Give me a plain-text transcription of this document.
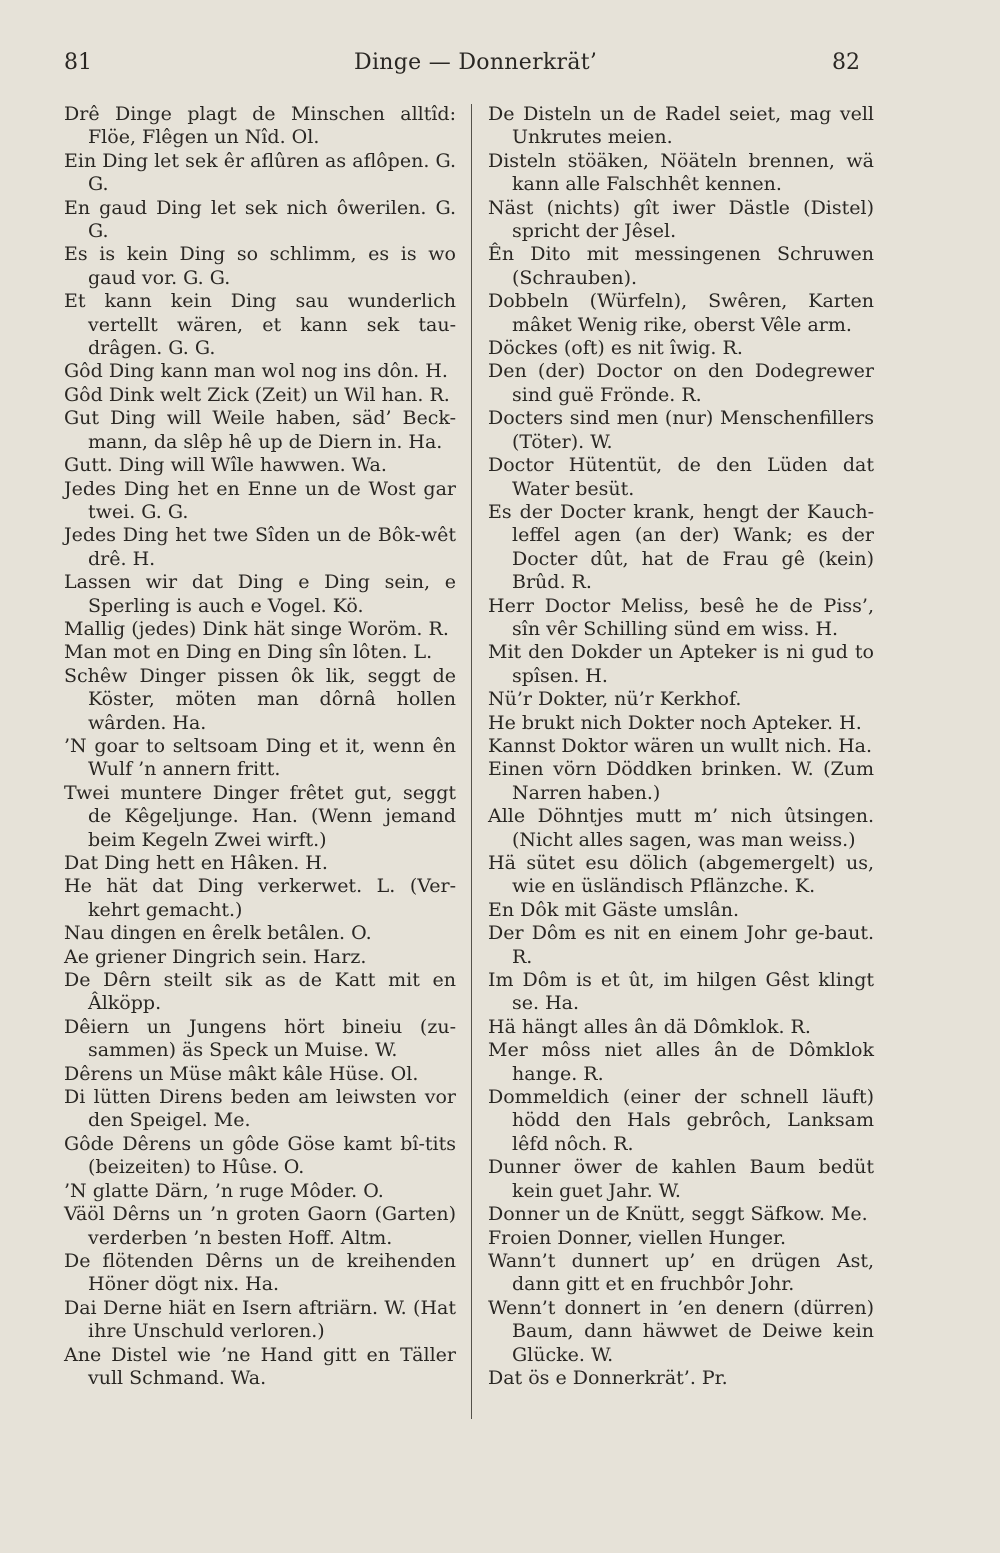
81	Dinge — Donnerkrät’	82
Drê Dinge plagt de Minschen alltîd: Flöe, Flêgen un Nîd. Ol.
Ein Ding let sek êr aflûren as aflôpen. G. G.
En gaud Ding let sek nich ôwerilen. G. G.
Es is kein Ding so schlimm, es is wo gaud vor. G. G.
Et kann kein Ding sau wunderlich vertellt wären, et kann sek tau-drâgen. G. G.
Gôd Ding kann man wol nog ins dôn. H.
Gôd Dink welt Zick (Zeit) un Wil han. R.
Gut Ding will Weile haben, säd’ Beck-mann, da slêp hê up de Diern in. Ha.
Gutt. Ding will Wîle hawwen. Wa.
Jedes Ding het en Enne un de Wost gar twei. G. G.
Jedes Ding het twe Sîden un de Bôk-wêt drê. H.
Lassen wir dat Ding e Ding sein, e Sperling is auch e Vogel. Kö.
Mallig (jedes) Dink hät singe Woröm. R.
Man mot en Ding en Ding sîn lôten. L.
Schêw Dinger pissen ôk lik, seggt de Köster, möten man dôrnâ hollen wârden. Ha.
’N goar to seltsoam Ding et it, wenn ên Wulf ’n annern fritt.
Twei muntere Dinger frêtet gut, seggt de Kêgeljunge. Han. (Wenn jemand beim Kegeln Zwei wirft.)
Dat Ding hett en Hâken. H.
He hät dat Ding verkerwet. L. (Ver-kehrt gemacht.)
Nau dingen en êrelk betâlen. O.
Ae griener Dingrich sein. Harz.
De Dêrn steilt sik as de Katt mit en Âlköpp.
Dêiern un Jungens hört bineiu (zu-sammen) äs Speck un Muise. W.
Dêrens un Müse mâkt kâle Hüse. Ol.
Di lütten Direns beden am leiwsten vor den Speigel. Me.
Gôde Dêrens un gôde Göse kamt bî-tits (beizeiten) to Hûse. O.
’N glatte Därn, ’n ruge Môder. O.
Väöl Dêrns un ’n groten Gaorn (Garten) verderben ’n besten Hoff. Altm.
De flötenden Dêrns un de kreihenden Höner dögt nix. Ha.
Dai Derne hiät en Isern aftriärn. W. (Hat ihre Unschuld verloren.)
Ane Distel wie ’ne Hand gitt en Täller vull Schmand. Wa.
De Disteln un de Radel seiet, mag vell Unkrutes meien.
Disteln stöäken, Nöäteln brennen, wä kann alle Falschhêt kennen.
Näst (nichts) gît iwer Dästle (Distel) spricht der Jêsel.
Ên Dito mit messingenen Schruwen (Schrauben).
Dobbeln (Würfeln), Swêren, Karten mâket Wenig rike, oberst Vêle arm.
Döckes (oft) es nit îwig. R.
Den (der) Doctor on den Dodegrewer sind guë Frönde. R.
Docters sind men (nur) Menschenfillers (Töter). W.
Doctor Hütentüt, de den Lüden dat Water besüt.
Es der Docter krank, hengt der Kauch-leffel agen (an der) Wank; es der Docter dût, hat de Frau gê (kein) Brûd. R.
Herr Doctor Meliss, besê he de Piss’, sîn vêr Schilling sünd em wiss. H.
Mit den Dokder un Apteker is ni gud to spîsen. H.
Nü’r Dokter, nü’r Kerkhof.
He brukt nich Dokter noch Apteker. H.
Kannst Doktor wären un wullt nich. Ha.
Einen vörn Döddken brinken. W. (Zum Narren haben.)
Alle Döhntjes mutt m’ nich ûtsingen. (Nicht alles sagen, was man weiss.)
Hä sütet esu dölich (abgemergelt) us, wie en üsländisch Pflänzche. K.
En Dôk mit Gäste umslân.
Der Dôm es nit en einem Johr ge-baut. R.
Im Dôm is et ût, im hilgen Gêst klingt se. Ha.
Hä hängt alles ân dä Dômklok. R.
Mer môss niet alles ân de Dômklok hange. R.
Dommeldich (einer der schnell läuft) hödd den Hals gebrôch, Lanksam lêfd nôch. R.
Dunner öwer de kahlen Baum bedüt kein guet Jahr. W.
Donner un de Knütt, seggt Säfkow. Me.
Froien Donner, viellen Hunger.
Wann’t dunnert up’ en drügen Ast, dann gitt et en fruchbôr Johr.
Wenn’t donnert in ’en denern (dürren) Baum, dann häwwet de Deiwe kein Glücke. W.
Dat ös e Donnerkrät’. Pr.
